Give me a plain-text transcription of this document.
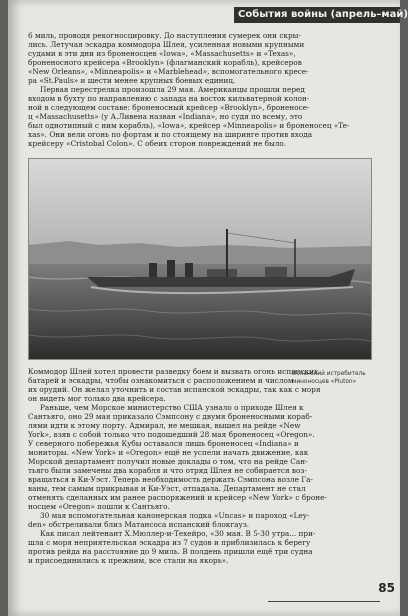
События войны (апрель–май)
6 миль, проводя рекогносцировку. До наступления сумерек они скры-
лись. Летучая эскадра коммодора Шлея, усиленная новыми крупными
судами в эти дни из броненосцев «Iowa», «Massachusetts» и «Texas»,
броненосного крейсера «Brooklyn» (флагманский корабль), крейсеров
«New Orleans», «Minneapolis» и «Marblehead», вспомогательного кресе-
ра «St.Pauls» и шести менее крупных боевых единиц.
Первая перестрелка произошла 29 мая. Американцы прошли перед
входом в бухту по направлению с запада на восток кильватерной колон-
ной в следующем составе: броненосный крейсер «Brooklyn», броненосе-
ц «Massachusetts» (у А.Ливена назван «Indiana», но судя по всему, это
был однотипный с ним корабль), «Iowa», крейсер «Minneapolis» и броненосец «Te-
xas». Они вели огонь по фортам и по стоящему на ширинге против входа
крейсеру «Cristobal Colon». С обеих сторон повреждений не было.
Испанский истребитель миноносцев «Pluton»
Коммодор Шлей хотел провести разведку боем и вызвать огонь испанских
батарей и эскадры, чтобы ознакомиться с расположением и числом
их орудий. Он желал уточнить и состав испанской эскадры, так как с моря
он видеть мог только два крейсера.
Раньше, чем Морское министерство США узнало о приходе Шлея к
Сантьяго, оно 29 мая приказало Сэмпсону с двумя броненосными кораб-
лями идти к этому порту. Адмирал, не мешкая, вышел на рейде «New
York», взяв с собой только что подошедший 28 мая броненосец «Oregon».
У северного побережья Кубы оставался лишь броненосец «Indiana» и
мониторы. «New York» и «Oregon» ещё не успели начать движение, как
Морской департамент получил новые доклады о том, что на рейде Сан-
тьяго были замечены два корабля и что отряд Шлея не собирается воз-
вращаться в Ки-Уэст. Теперь необходимость держать Сэмпсона возле Га-
ваны, тем самым прикрывая и Ки-Уэст, отпадала. Департамент не стал
отменять сделанных им ранее распоряжений и крейсер «New York» с броне-
носцем «Oregon» пошли к Сантьяго.
30 мая вспомогательная канонерская лодка «Uncas» и пароход «Ley-
den» обстреливали близ Матансоса испанский блокгауз.
Как писал лейтенант Х.Мюллер-и-Техейро, «30 мая. В 5-30 утра... при-
шла с моря неприятельская эскадра из 7 судов и приблизилась к берегу
против рейда на расстояние до 9 миль. В полдень пришли ещё три судна
и присоединились к прежним, все стали на якорь».
85
